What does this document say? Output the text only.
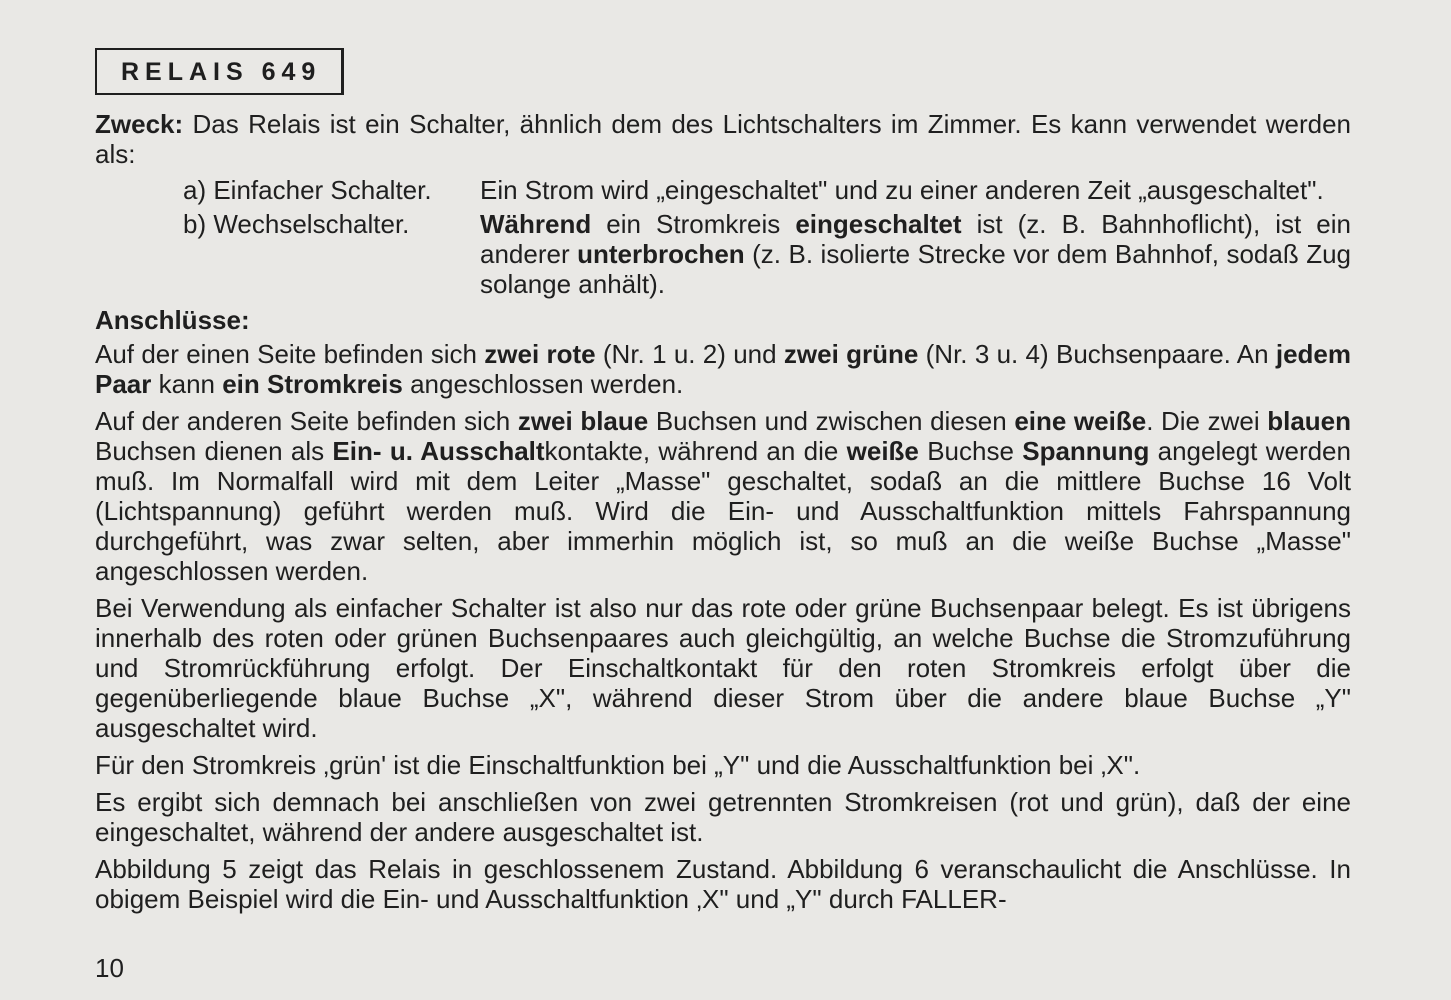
RELAIS 649

Zweck: Das Relais ist ein Schalter, ähnlich dem des Lichtschalters im Zimmer. Es kann verwendet werden als:

a) Einfacher Schalter.	Ein Strom wird „eingeschaltet" und zu einer anderen Zeit „ausgeschaltet".
b) Wechselschalter.	Während ein Stromkreis eingeschaltet ist (z. B. Bahnhoflicht), ist ein anderer unterbrochen (z. B. isolierte Strecke vor dem Bahnhof, sodaß Zug solange anhält).
Anschlüsse:

Auf der einen Seite befinden sich zwei rote (Nr. 1 u. 2) und zwei grüne (Nr. 3 u. 4) Buchsenpaare. An jedem Paar kann ein Stromkreis angeschlossen werden.

Auf der anderen Seite befinden sich zwei blaue Buchsen und zwischen diesen eine weiße. Die zwei blauen Buchsen dienen als Ein- u. Ausschaltkontakte, während an die weiße Buchse Spannung angelegt werden muß. Im Normalfall wird mit dem Leiter „Masse" geschaltet, sodaß an die mittlere Buchse 16 Volt (Lichtspannung) geführt werden muß. Wird die Ein- und Ausschaltfunktion mittels Fahrspannung durchgeführt, was zwar selten, aber immerhin möglich ist, so muß an die weiße Buchse „Masse" angeschlossen werden.

Bei Verwendung als einfacher Schalter ist also nur das rote oder grüne Buchsenpaar belegt. Es ist übrigens innerhalb des roten oder grünen Buchsenpaares auch gleichgültig, an welche Buchse die Stromzuführung und Stromrückführung erfolgt. Der Einschaltkontakt für den roten Stromkreis erfolgt über die gegenüberliegende blaue Buchse „X", während dieser Strom über die andere blaue Buchse „Y" ausgeschaltet wird.

Für den Stromkreis ‚grün' ist die Einschaltfunktion bei „Y" und die Ausschaltfunktion bei ‚X".

Es ergibt sich demnach bei anschließen von zwei getrennten Stromkreisen (rot und grün), daß der eine eingeschaltet, während der andere ausgeschaltet ist.

Abbildung 5 zeigt das Relais in geschlossenem Zustand. Abbildung 6 veranschaulicht die Anschlüsse. In obigem Beispiel wird die Ein- und Ausschaltfunktion ‚X" und „Y" durch FALLER-

10
